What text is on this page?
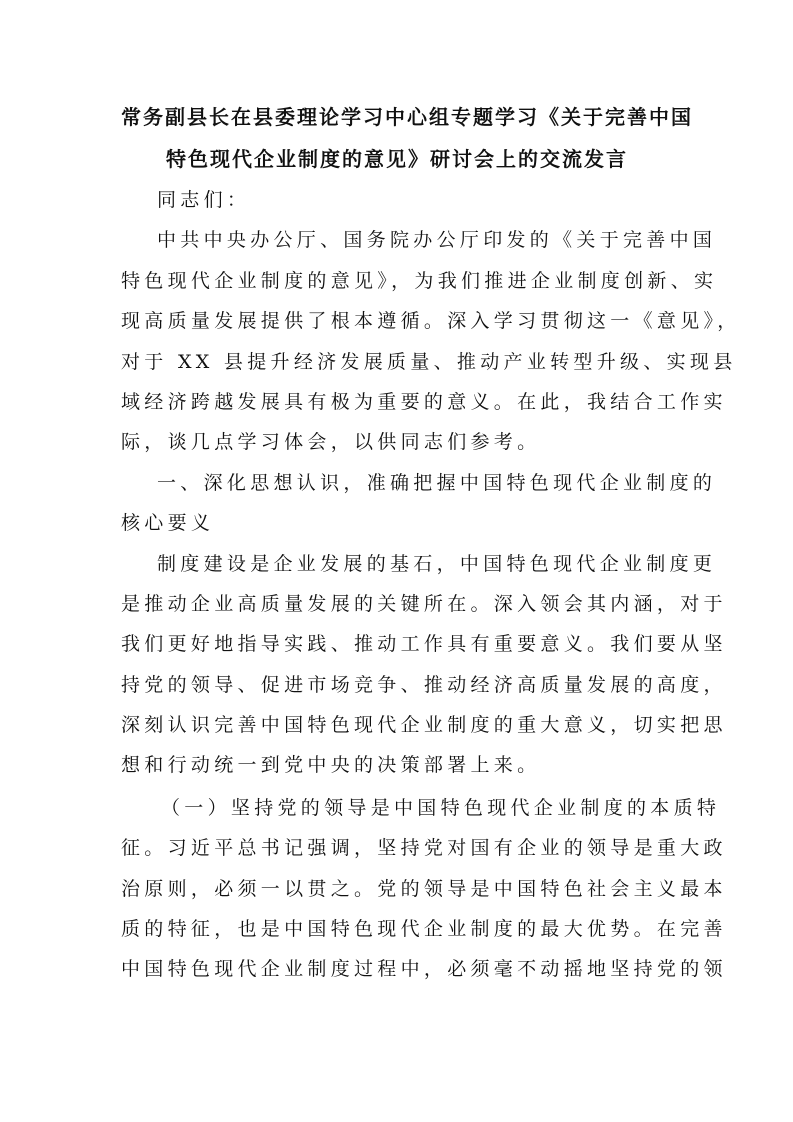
常务副县长在县委理论学习中心组专题学习《关于完善中国
特色现代企业制度的意见》研讨会上的交流发言
同志们：
中共中央办公厅、国务院办公厅印发的《关于完善中国
特色现代企业制度的意见》，为我们推进企业制度创新、实
现高质量发展提供了根本遵循。深入学习贯彻这一《意见》，
对于 XX 县提升经济发展质量、推动产业转型升级、实现县
域经济跨越发展具有极为重要的意义。在此，我结合工作实
际，谈几点学习体会，以供同志们参考。
一、深化思想认识，准确把握中国特色现代企业制度的
核心要义
制度建设是企业发展的基石，中国特色现代企业制度更
是推动企业高质量发展的关键所在。深入领会其内涵，对于
我们更好地指导实践、推动工作具有重要意义。我们要从坚
持党的领导、促进市场竞争、推动经济高质量发展的高度，
深刻认识完善中国特色现代企业制度的重大意义，切实把思
想和行动统一到党中央的决策部署上来。
（一）坚持党的领导是中国特色现代企业制度的本质特
征。习近平总书记强调，坚持党对国有企业的领导是重大政
治原则，必须一以贯之。党的领导是中国特色社会主义最本
质的特征，也是中国特色现代企业制度的最大优势。在完善
中国特色现代企业制度过程中，必须毫不动摇地坚持党的领
